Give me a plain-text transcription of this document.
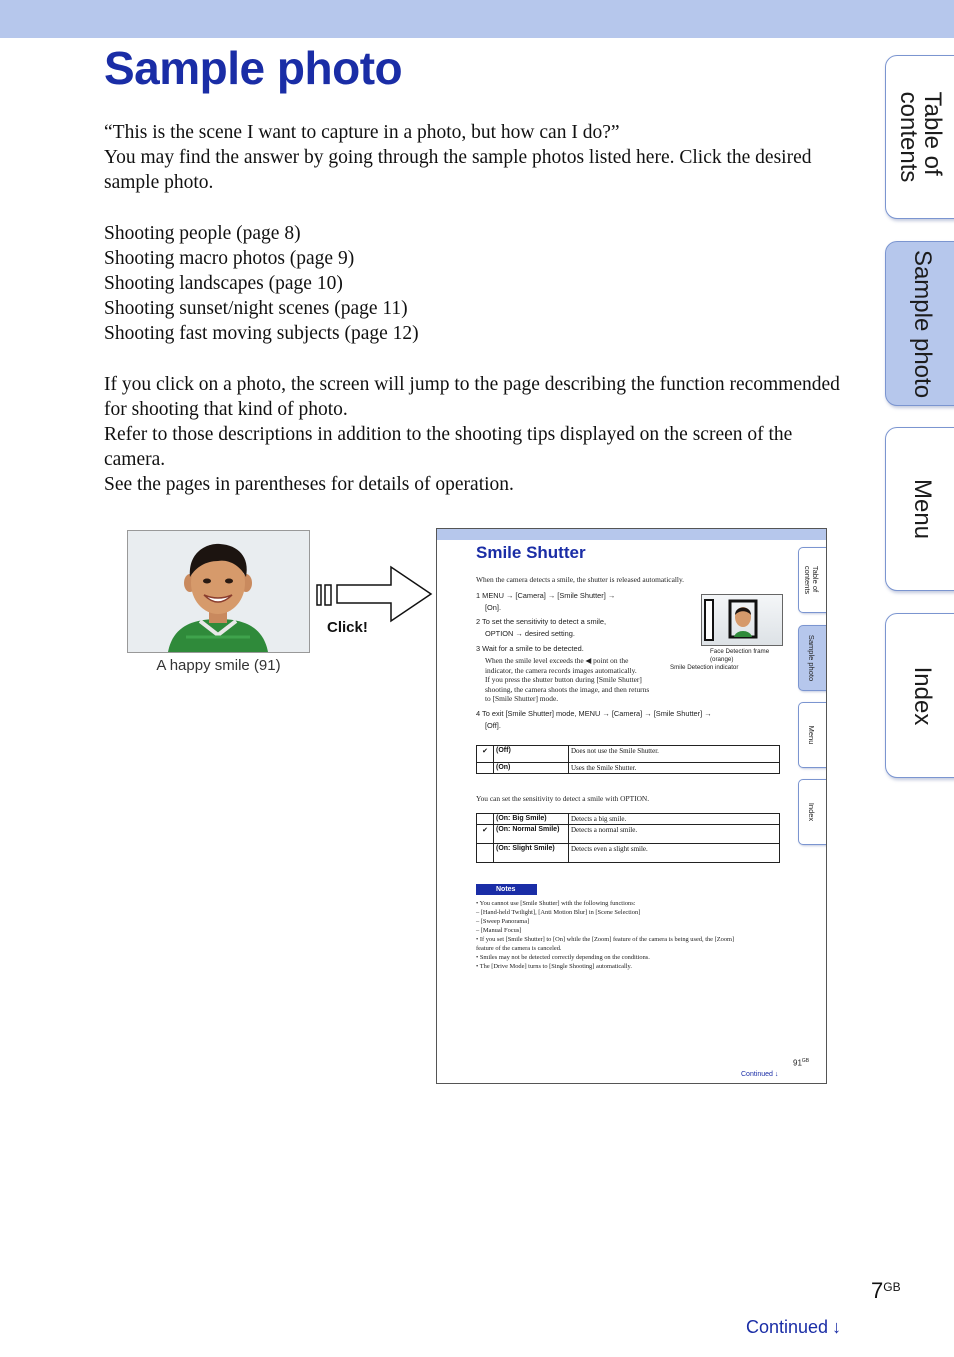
Sample photo

“This is the scene I want to capture in a photo, but how can I do?”

You may find the answer by going through the sample photos listed here. Click the desired sample photo.

Shooting people (page 8)

Shooting macro photos (page 9)

Shooting landscapes (page 10)

Shooting sunset/night scenes (page 11)

Shooting fast moving subjects (page 12)

If you click on a photo, the screen will jump to the page describing the function recommended for shooting that kind of photo.

Refer to those descriptions in addition to the shooting tips displayed on the screen of the camera.

See the pages in parentheses for details of operation.

Table of
contents
Sample photo
Menu
Index
A happy smile (91)
Click!
Smile Shutter
When the camera detects a smile, the shutter is released automatically.
1 MENU → [Camera] → [Smile Shutter] →
[On].
2 To set the sensitivity to detect a smile,
OPTION → desired setting.
3 Wait for a smile to be detected.
When the smile level exceeds the ◀ point on the
indicator, the camera records images automatically.
If you press the shutter button during [Smile Shutter]
shooting, the camera shoots the image, and then returns
to [Smile Shutter] mode.
Face Detection frame
(orange)
Smile Detection indicator
4 To exit [Smile Shutter] mode, MENU → [Camera] → [Smile Shutter] →
[Off].
✔	(Off)	Does not use the Smile Shutter.
	(On)	Uses the Smile Shutter.
You can set the sensitivity to detect a smile with OPTION.
	(On: Big Smile)	Detects a big smile.
✔	(On: Normal Smile)	Detects a normal smile.
	(On: Slight Smile)	Detects even a slight smile.
Notes
• You cannot use [Smile Shutter] with the following functions:
– [Hand-held Twilight], [Anti Motion Blur] in [Scene Selection]
– [Sweep Panorama]
– [Manual Focus]
• If you set [Smile Shutter] to [On] while the [Zoom] feature of the camera is being used, the [Zoom]
feature of the camera is canceled.
• Smiles may not be detected correctly depending on the conditions.
• The [Drive Mode] turns to [Single Shooting] automatically.
$91^{GB}$
Continued ↓
Table of
contents
Sample photo
Menu
Index
$7^{GB}$
Continued ↓
